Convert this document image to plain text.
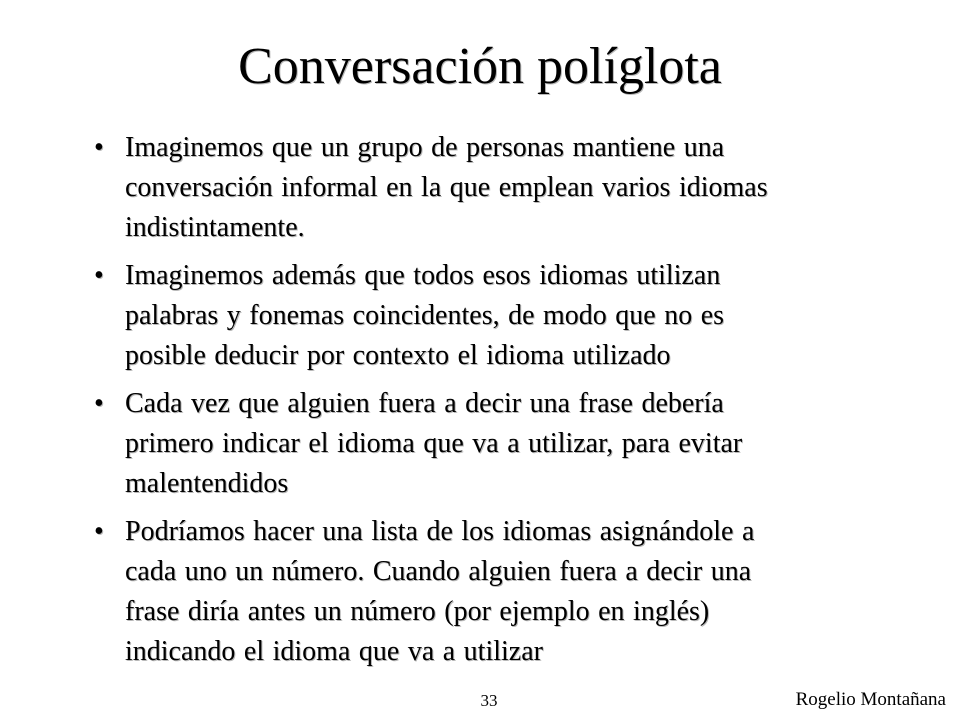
Conversación políglota
• Imaginemos que un grupo de personas mantiene una
conversación informal en la que emplean varios idiomas
indistintamente.
• Imaginemos además que todos esos idiomas utilizan
palabras y fonemas coincidentes, de modo que no es
posible deducir por contexto el idioma utilizado
• Cada vez que alguien fuera a decir una frase debería
primero indicar el idioma que va a utilizar, para evitar
malentendidos
• Podríamos hacer una lista de los idiomas asignándole a
cada uno un número. Cuando alguien fuera a decir una
frase diría antes un número (por ejemplo en inglés)
indicando el idioma que va a utilizar
33	Rogelio Montañana
